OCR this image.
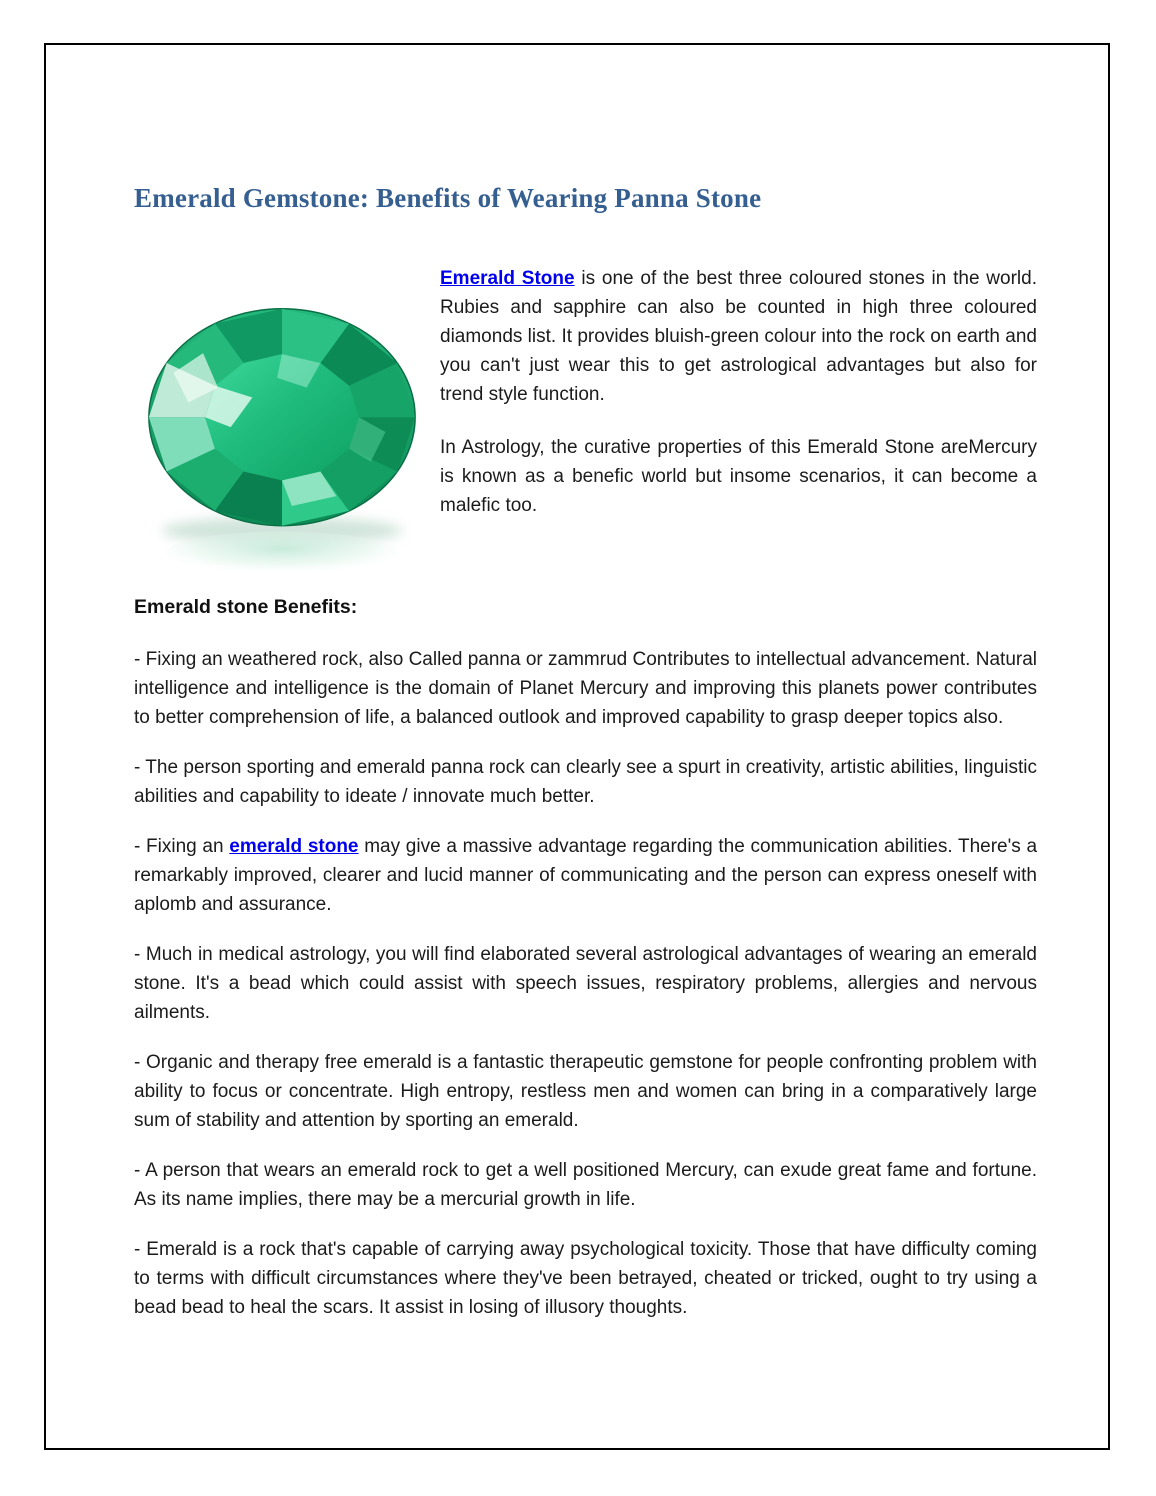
Emerald Gemstone: Benefits of Wearing Panna Stone

Emerald Stone is one of the best three coloured stones in the world. Rubies and sapphire can also be counted in high three coloured diamonds list. It provides bluish-green colour into the rock on earth and you can't just wear this to get astrological advantages but also for trend style function.

In Astrology, the curative properties of this Emerald Stone areMercury is known as a benefic world but insome scenarios, it can become a malefic too.

Emerald stone Benefits:

- Fixing an weathered rock, also Called panna or zammrud Contributes to intellectual advancement. Natural intelligence and intelligence is the domain of Planet Mercury and improving this planets power contributes to better comprehension of life, a balanced outlook and improved capability to grasp deeper topics also.

- The person sporting and emerald panna rock can clearly see a spurt in creativity, artistic abilities, linguistic abilities and capability to ideate / innovate much better.

- Fixing an emerald stone may give a massive advantage regarding the communication abilities. There's a remarkably improved, clearer and lucid manner of communicating and the person can express oneself with aplomb and assurance.

- Much in medical astrology, you will find elaborated several astrological advantages of wearing an emerald stone. It's a bead which could assist with speech issues, respiratory problems, allergies and nervous ailments.

- Organic and therapy free emerald is a fantastic therapeutic gemstone for people confronting problem with ability to focus or concentrate. High entropy, restless men and women can bring in a comparatively large sum of stability and attention by sporting an emerald.

- A person that wears an emerald rock to get a well positioned Mercury, can exude great fame and fortune. As its name implies, there may be a mercurial growth in life.

- Emerald is a rock that's capable of carrying away psychological toxicity. Those that have difficulty coming to terms with difficult circumstances where they've been betrayed, cheated or tricked, ought to try using a bead bead to heal the scars. It assist in losing of illusory thoughts.
